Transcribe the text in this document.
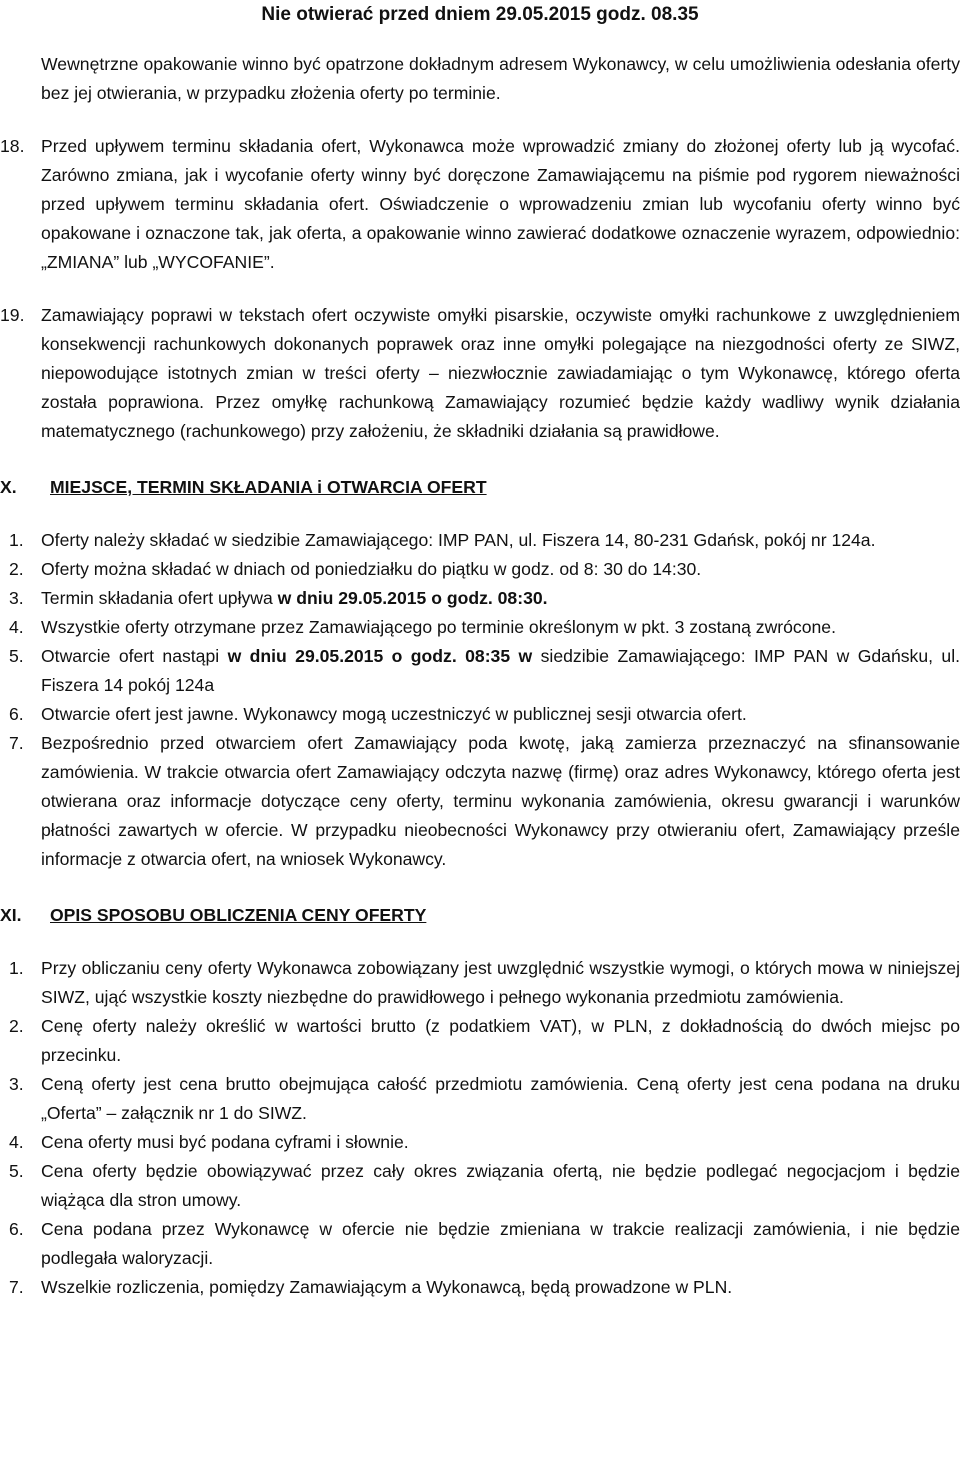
Nie otwierać przed dniem 29.05.2015 godz. 08.35

Wewnętrzne opakowanie winno być opatrzone dokładnym adresem Wykonawcy, w celu umożliwienia odesłania oferty bez jej otwierania, w przypadku złożenia oferty po terminie.

18. Przed upływem terminu składania ofert, Wykonawca może wprowadzić zmiany do złożonej oferty lub ją wycofać. Zarówno zmiana, jak i wycofanie oferty winny być doręczone Zamawiającemu na piśmie pod rygorem nieważności przed upływem terminu składania ofert. Oświadczenie o wprowadzeniu zmian lub wycofaniu oferty winno być opakowane i oznaczone tak, jak oferta, a opakowanie winno zawierać dodatkowe oznaczenie wyrazem, odpowiednio: „ZMIANA” lub „WYCOFANIE”.

19. Zamawiający poprawi w tekstach ofert oczywiste omyłki pisarskie, oczywiste omyłki rachunkowe z uwzględnieniem konsekwencji rachunkowych dokonanych poprawek oraz inne omyłki polegające na niezgodności oferty ze SIWZ, niepowodujące istotnych zmian w treści oferty – niezwłocznie zawiadamiając o tym Wykonawcę, którego oferta została poprawiona. Przez omyłkę rachunkową Zamawiający rozumieć będzie każdy wadliwy wynik działania matematycznego (rachunkowego) przy założeniu, że składniki działania są prawidłowe.

X. MIEJSCE, TERMIN SKŁADANIA i OTWARCIA OFERT
1. Oferty należy składać w siedzibie Zamawiającego: IMP PAN, ul. Fiszera 14, 80-231 Gdańsk, pokój nr 124a.
2. Oferty można składać w dniach od poniedziałku do piątku w godz. od 8: 30 do 14:30.
3. Termin składania ofert upływa w dniu 29.05.2015 o godz. 08:30.
4. Wszystkie oferty otrzymane przez Zamawiającego po terminie określonym w pkt. 3 zostaną zwrócone.
5. Otwarcie ofert nastąpi w dniu 29.05.2015 o godz. 08:35 w siedzibie Zamawiającego: IMP PAN w Gdańsku, ul. Fiszera 14 pokój 124a
6. Otwarcie ofert jest jawne. Wykonawcy mogą uczestniczyć w publicznej sesji otwarcia ofert.
7. Bezpośrednio przed otwarciem ofert Zamawiający poda kwotę, jaką zamierza przeznaczyć na sfinansowanie zamówienia. W trakcie otwarcia ofert Zamawiający odczyta nazwę (firmę) oraz adres Wykonawcy, którego oferta jest otwierana oraz informacje dotyczące ceny oferty, terminu wykonania zamówienia, okresu gwarancji i warunków płatności zawartych w ofercie. W przypadku nieobecności Wykonawcy przy otwieraniu ofert, Zamawiający prześle informacje z otwarcia ofert, na wniosek Wykonawcy.
XI. OPIS SPOSOBU OBLICZENIA CENY OFERTY
1. Przy obliczaniu ceny oferty Wykonawca zobowiązany jest uwzględnić wszystkie wymogi, o których mowa w niniejszej SIWZ, ująć wszystkie koszty niezbędne do prawidłowego i pełnego wykonania przedmiotu zamówienia.
2. Cenę oferty należy określić w wartości brutto (z podatkiem VAT), w PLN, z dokładnością do dwóch miejsc po przecinku.
3. Ceną oferty jest cena brutto obejmująca całość przedmiotu zamówienia. Ceną oferty jest cena podana na druku „Oferta” – załącznik nr 1 do SIWZ.
4. Cena oferty musi być podana cyframi i słownie.
5. Cena oferty będzie obowiązywać przez cały okres związania ofertą, nie będzie podlegać negocjacjom i będzie wiążąca dla stron umowy.
6. Cena podana przez Wykonawcę w ofercie nie będzie zmieniana w trakcie realizacji zamówienia, i nie będzie podlegała waloryzacji.
7. Wszelkie rozliczenia, pomiędzy Zamawiającym a Wykonawcą, będą prowadzone w PLN.
